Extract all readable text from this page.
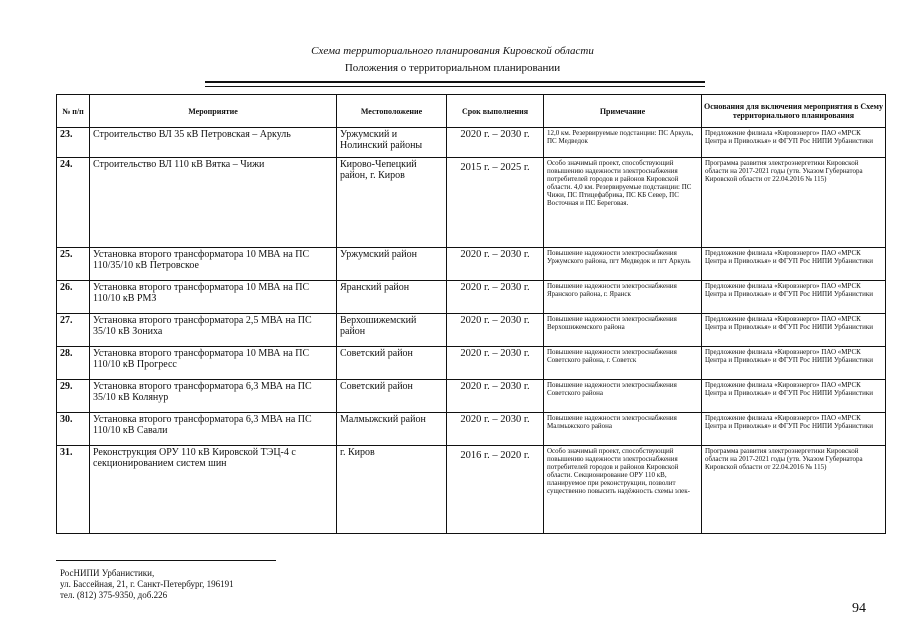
Схема территориального планирования Кировской области
Положения о территориальном планировании
№ п/п	Мероприятие	Местоположение	Срок выполнения	Примечание	Основания для включения мероприятия в Схему территориального планирования
23.	Строительство ВЛ 35 кВ Петровская – Аркуль	Уржумский и Нолинский районы	2020 г. – 2030 г.	12,0 км. Резервируемые подстанции: ПС Аркуль, ПС Медведок	Предложение филиала «Кировэнерго» ПАО «МРСК Центра и Приволжья» и ФГУП Рос НИПИ Урбанистики
24.	Строительство ВЛ 110 кВ Вятка – Чижи	Кирово-Чепецкий район, г. Киров	2015 г. – 2025 г.	Особо значимый проект, способствующий повышению надежности электроснабжения потребителей городов и районов Кировской области. 4,0 км. Резервируемые подстанции: ПС Чижи, ПС Птицефабрика, ПС КБ Север, ПС Восточная и ПС Береговая.	Программа развития электроэнергетики Кировской области на 2017-2021 годы (утв. Указом Губернатора Кировской области от 22.04.2016 № 115)
25.	Установка второго трансформатора 10 МВА на ПС 110/35/10 кВ Петровское	Уржумский район	2020 г. – 2030 г.	Повышение надежности электроснабжения Уржумского района, пгт Медведок и пгт Аркуль	Предложение филиала «Кировэнерго» ПАО «МРСК Центра и Приволжья» и ФГУП Рос НИПИ Урбанистики
26.	Установка второго трансформатора 10 МВА на ПС 110/10 кВ РМЗ	Яранский район	2020 г. – 2030 г.	Повышение надежности электроснабжения Яранского района, г. Яранск	Предложение филиала «Кировэнерго» ПАО «МРСК Центра и Приволжья» и ФГУП Рос НИПИ Урбанистики
27.	Установка второго трансформатора 2,5 МВА на ПС 35/10 кВ Зониха	Верхошижемский район	2020 г. – 2030 г.	Повышение надежности электроснабжения Верхошижемского района	Предложение филиала «Кировэнерго» ПАО «МРСК Центра и Приволжья» и ФГУП Рос НИПИ Урбанистики
28.	Установка второго трансформатора 10 МВА на ПС 110/10 кВ Прогресс	Советский район	2020 г. – 2030 г.	Повышение надежности электроснабжения Советского района, г. Советск	Предложение филиала «Кировэнерго» ПАО «МРСК Центра и Приволжья» и ФГУП Рос НИПИ Урбанистики
29.	Установка второго трансформатора 6,3 МВА на ПС 35/10 кВ Колянур	Советский район	2020 г. – 2030 г.	Повышение надежности электроснабжения Советского района	Предложение филиала «Кировэнерго» ПАО «МРСК Центра и Приволжья» и ФГУП Рос НИПИ Урбанистики
30.	Установка второго трансформатора 6,3 МВА на ПС 110/10 кВ Савали	Малмыжский район	2020 г. – 2030 г.	Повышение надежности электроснабжения Малмыжского района	Предложение филиала «Кировэнерго» ПАО «МРСК Центра и Приволжья» и ФГУП Рос НИПИ Урбанистики
31.	Реконструкция ОРУ 110 кВ Кировской ТЭЦ-4 с секционированием систем шин	г. Киров	2016 г. – 2020 г.	Особо значимый проект, способствующий повышению надежности электроснабжения потребителей городов и районов Кировской области. Секционирование ОРУ 110 кВ, планируемое при реконструкции, позволит существенно повысить надёжность схемы элек-	Программа развития электроэнергетики Кировской области на 2017-2021 годы (утв. Указом Губернатора Кировской области от 22.04.2016 № 115)
РосНИПИ Урбанистики,
ул. Бассейная, 21, г. Санкт-Петербург, 196191
тел. (812) 375-9350, доб.226
94
